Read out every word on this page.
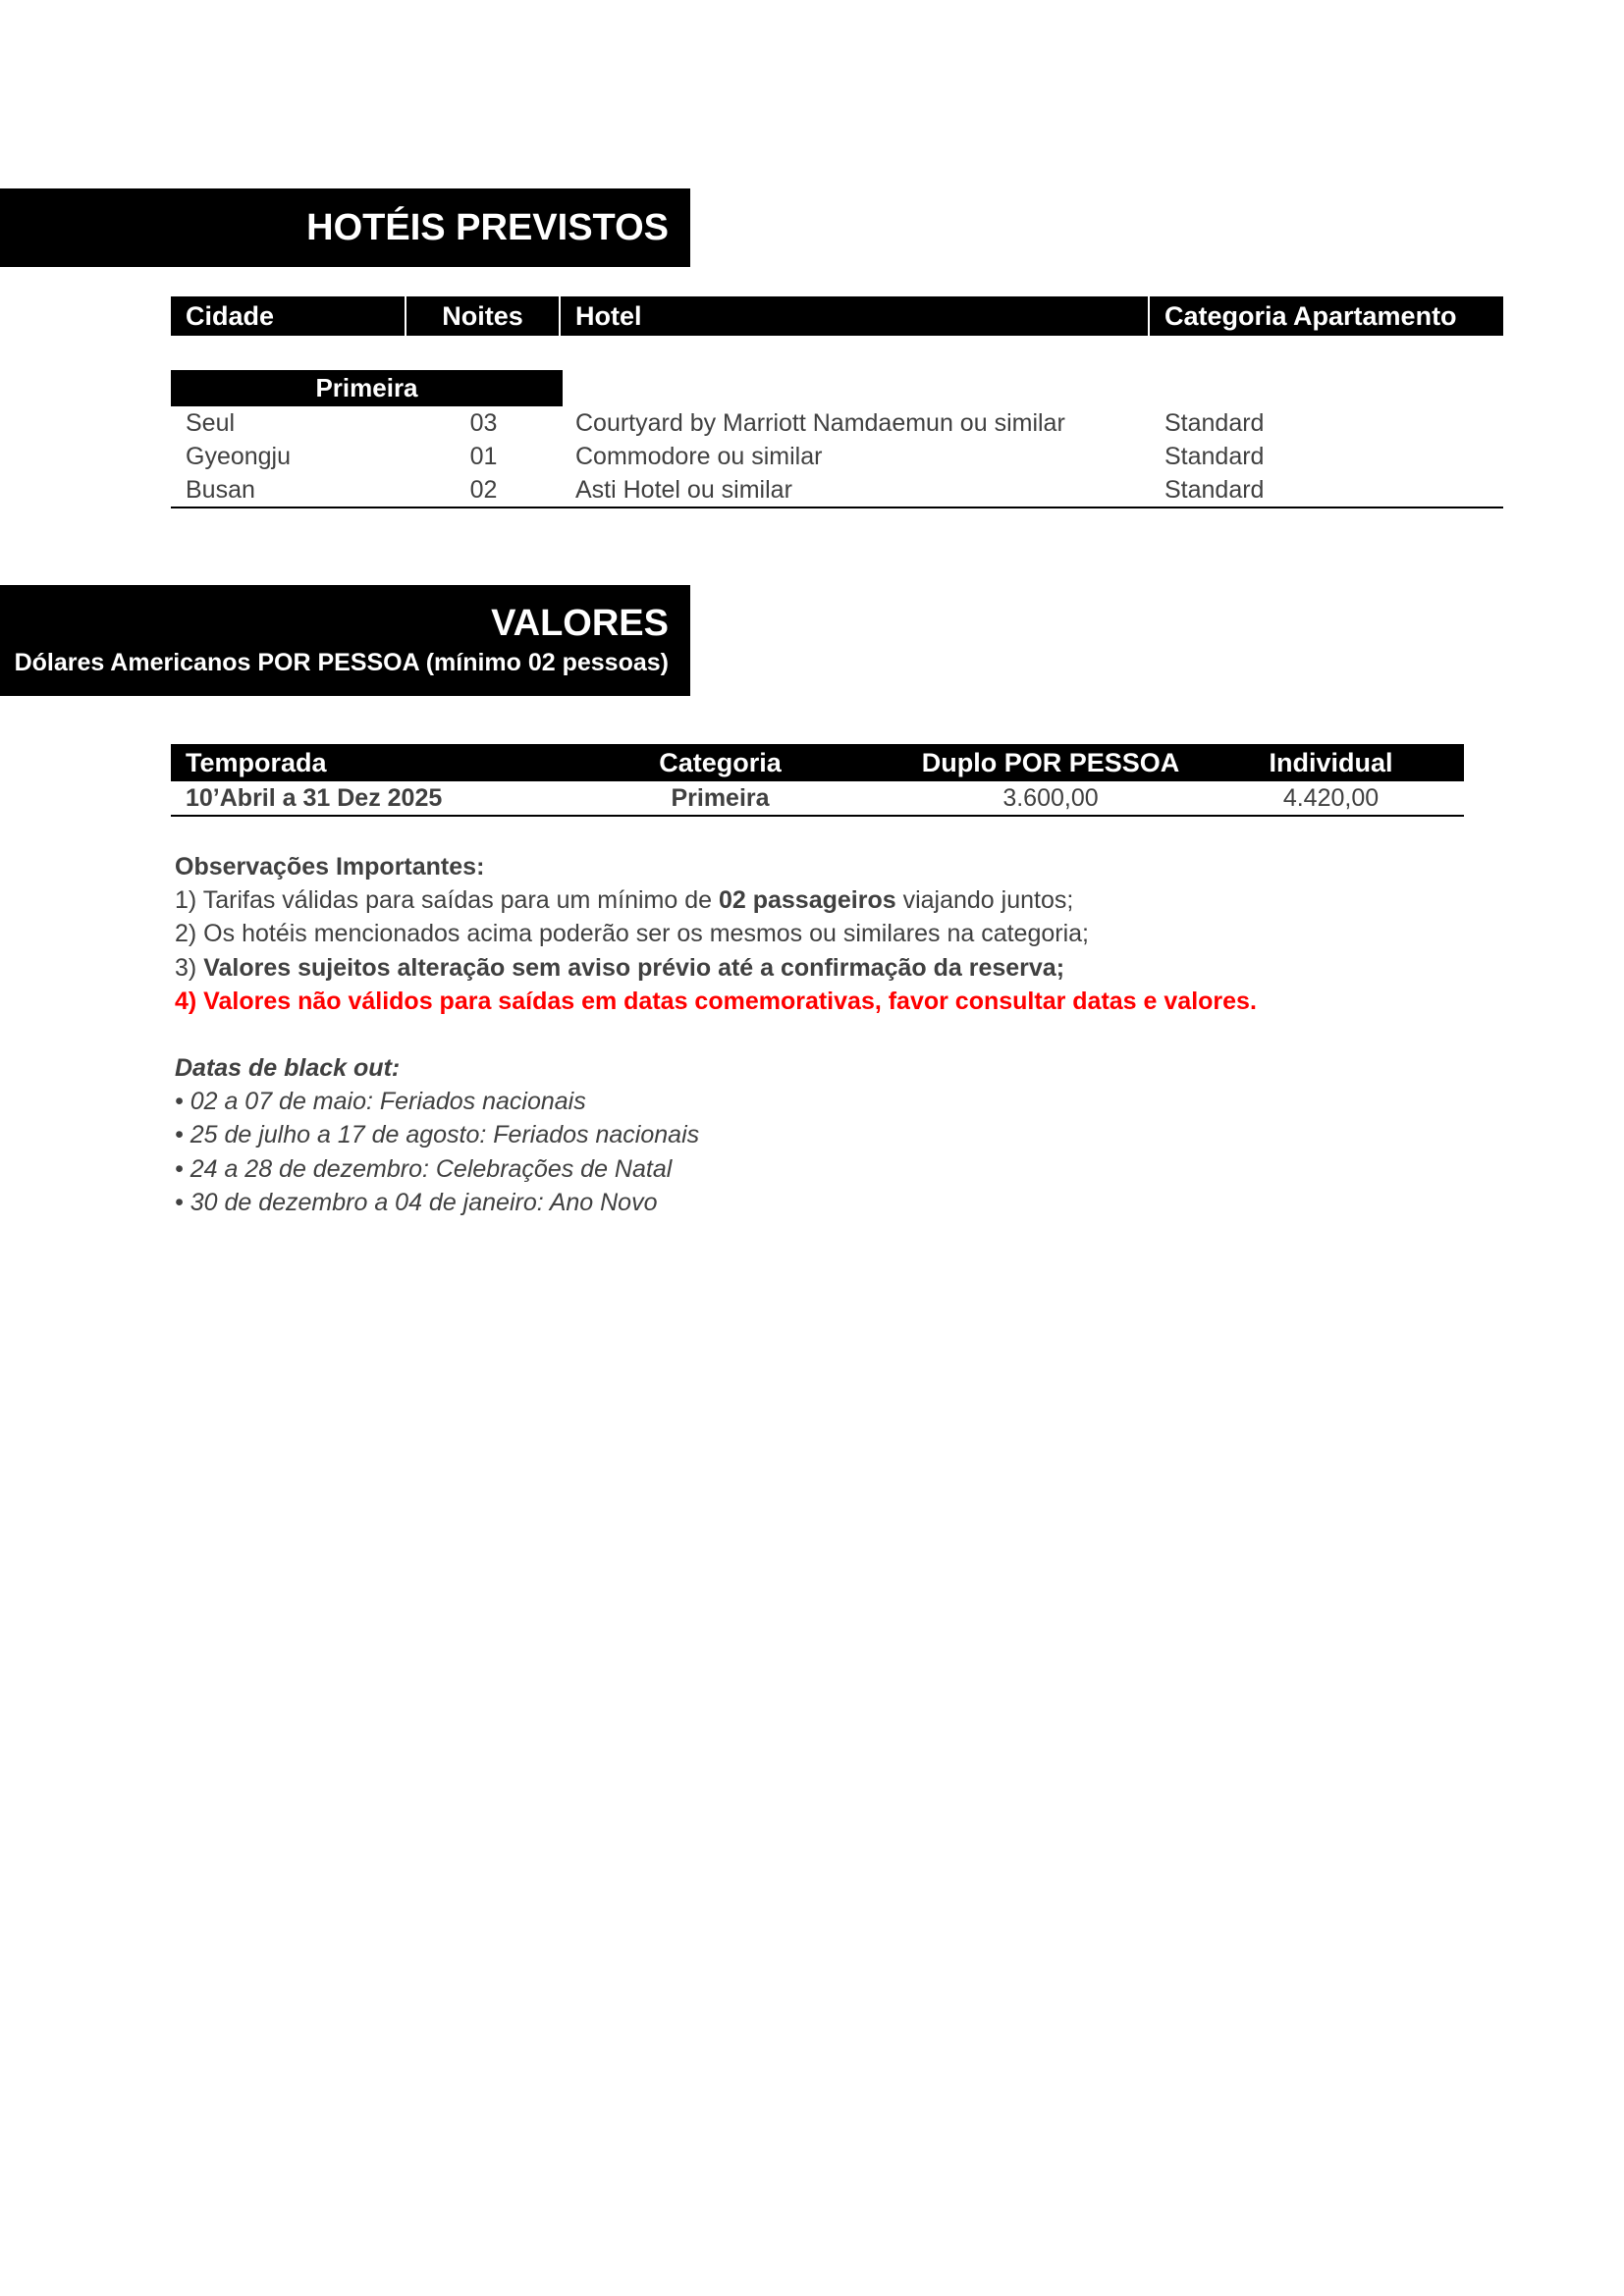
HOTÉIS PREVISTOS
Cidade	Noites	Hotel	Categoria Apartamento
Primeira
Seul	03	Courtyard by Marriott Namdaemun ou similar	Standard
Gyeongju	01	Commodore ou similar	Standard
Busan	02	Asti Hotel ou similar	Standard
VALORES
Dólares Americanos POR PESSOA (mínimo 02 pessoas)
Temporada	Categoria	Duplo POR PESSOA	Individual
10’Abril a 31 Dez 2025	Primeira	3.600,00	4.420,00
Observações Importantes:
1) Tarifas válidas para saídas para um mínimo de 02 passageiros viajando juntos;
2) Os hotéis mencionados acima poderão ser os mesmos ou similares na categoria;
3) Valores sujeitos alteração sem aviso prévio até a confirmação da reserva;
4) Valores não válidos para saídas em datas comemorativas, favor consultar datas e valores.
Datas de black out:
• 02 a 07 de maio: Feriados nacionais
• 25 de julho a 17 de agosto: Feriados nacionais
• 24 a 28 de dezembro: Celebrações de Natal
• 30 de dezembro a 04 de janeiro: Ano Novo
